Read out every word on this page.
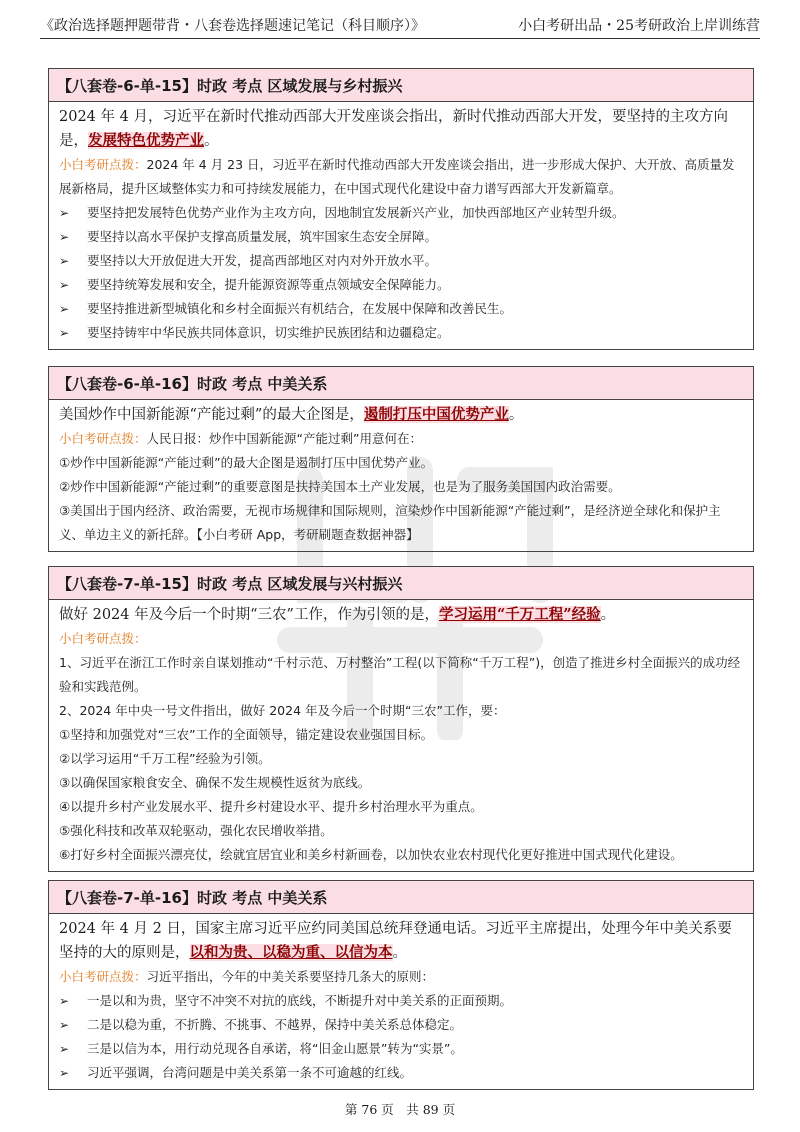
《政治选择题押题带背・八套卷选择题速记笔记（科目顺序）》	小白考研出品・25考研政治上岸训练营
【八套卷-6-单-15】时政 考点 区域发展与乡村振兴

2024 年 4 月，习近平在新时代推动西部大开发座谈会指出，新时代推动西部大开发，要坚持的主攻方向是，发展特色优势产业。

小白考研点拨：2024 年 4 月 23 日，习近平在新时代推动西部大开发座谈会指出，进一步形成大保护、大开放、高质量发展新格局，提升区域整体实力和可持续发展能力，在中国式现代化建设中奋力谱写西部大开发新篇章。

➢	要坚持把发展特色优势产业作为主攻方向，因地制宜发展新兴产业，加快西部地区产业转型升级。
➢	要坚持以高水平保护支撑高质量发展，筑牢国家生态安全屏障。
➢	要坚持以大开放促进大开发，提高西部地区对内对外开放水平。
➢	要坚持统筹发展和安全，提升能源资源等重点领域安全保障能力。
➢	要坚持推进新型城镇化和乡村全面振兴有机结合，在发展中保障和改善民生。
➢	要坚持铸牢中华民族共同体意识，切实维护民族团结和边疆稳定。
【八套卷-6-单-16】时政 考点 中美关系

美国炒作中国新能源“产能过剩”的最大企图是，遏制打压中国优势产业。

小白考研点拨：人民日报：炒作中国新能源“产能过剩”用意何在：

①炒作中国新能源“产能过剩”的最大企图是遏制打压中国优势产业。

②炒作中国新能源“产能过剩”的重要意图是扶持美国本土产业发展，也是为了服务美国国内政治需要。

③美国出于国内经济、政治需要，无视市场规律和国际规则，渲染炒作中国新能源“产能过剩”，是经济逆全球化和保护主义、单边主义的新托辞。【小白考研 App，考研刷题查数据神器】

【八套卷-7-单-15】时政 考点 区域发展与兴村振兴

做好 2024 年及今后一个时期“三农”工作，作为引领的是，学习运用“千万工程”经验。

小白考研点拨：

1、习近平在浙江工作时亲自谋划推动“千村示范、万村整治”工程(以下简称“千万工程”)，创造了推进乡村全面振兴的成功经验和实践范例。

2、2024 年中央一号文件指出，做好 2024 年及今后一个时期“三农”工作，要：

①坚持和加强党对“三农”工作的全面领导，锚定建设农业强国目标。

②以学习运用“千万工程”经验为引领。

③以确保国家粮食安全、确保不发生规模性返贫为底线。

④以提升乡村产业发展水平、提升乡村建设水平、提升乡村治理水平为重点。

⑤强化科技和改革双轮驱动，强化农民增收举措。

⑥打好乡村全面振兴漂亮仗，绘就宜居宜业和美乡村新画卷，以加快农业农村现代化更好推进中国式现代化建设。

【八套卷-7-单-16】时政 考点 中美关系

2024 年 4 月 2 日，国家主席习近平应约同美国总统拜登通电话。习近平主席提出，处理今年中美关系要坚持的大的原则是，以和为贵、以稳为重、以信为本。

小白考研点拨：习近平指出，今年的中美关系要坚持几条大的原则：

➢	一是以和为贵，坚守不冲突不对抗的底线，不断提升对中美关系的正面预期。
➢	二是以稳为重，不折腾、不挑事、不越界，保持中美关系总体稳定。
➢	三是以信为本，用行动兑现各自承诺，将“旧金山愿景”转为“实景”。
➢	习近平强调，台湾问题是中美关系第一条不可逾越的红线。
第 76 页　共 89 页
